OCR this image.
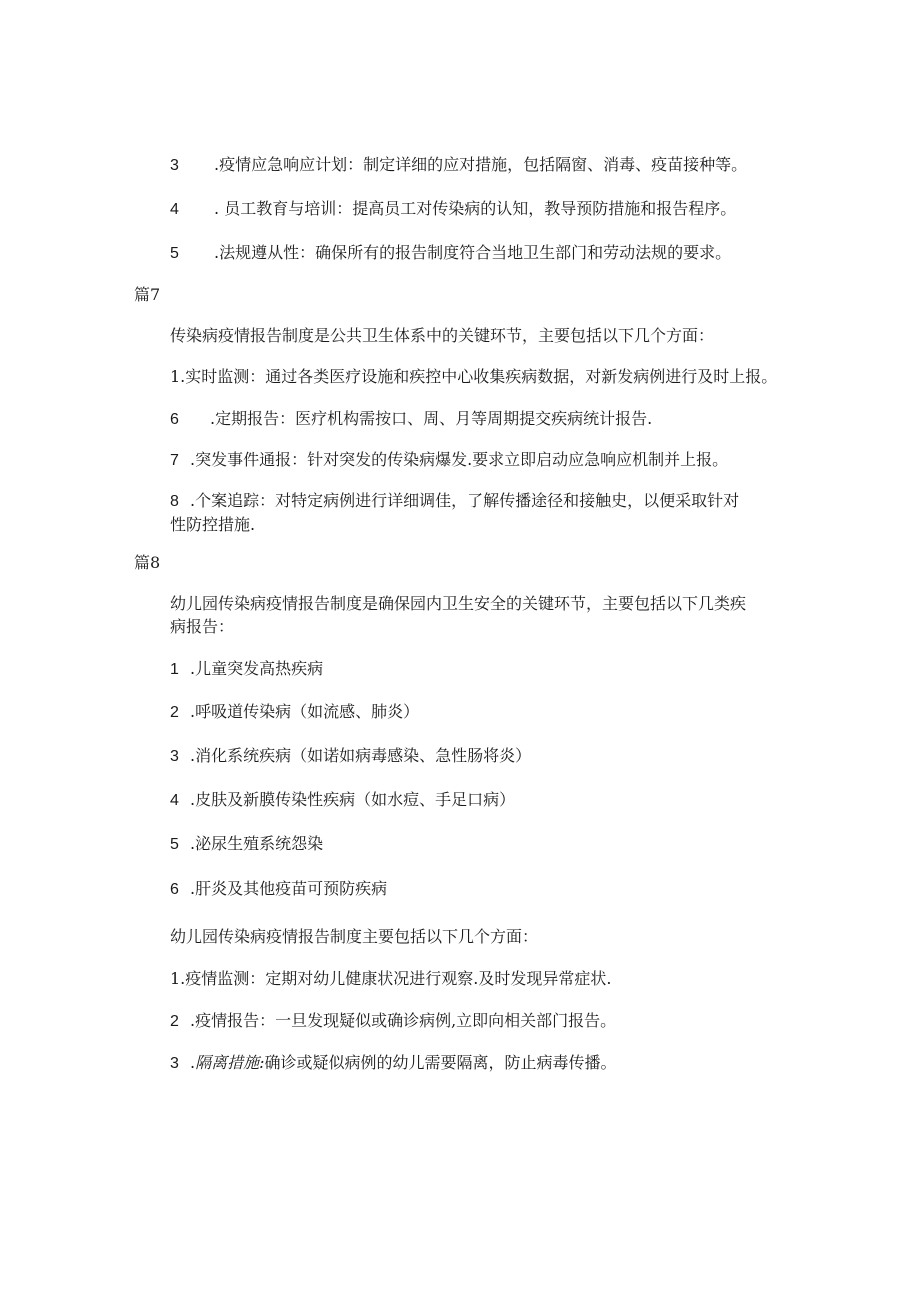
3 .疫情应急响应计划：制定详细的应对措施，包括隔窗、消毒、疫苗接种等。
4 . 员工教育与培训：提高员工对传染病的认知，教导预防措施和报告程序。
5 .法规遵从性：确保所有的报告制度符合当地卫生部门和劳动法规的要求。
篇7
传染病疫情报告制度是公共卫生体系中的关键环节，主要包括以下几个方面：
1.实时监测：通过各类医疗设施和疾控中心收集疾病数据，对新发病例进行及时上报。
6 .定期报告：医疗机构需按口、周、月等周期提交疾病统计报告.
7 .突发事件通报：针对突发的传染病爆发.要求立即启动应急响应机制并上报。
8 .个案追踪：对特定病例进行详细调佳，了解传播途径和接触史，以便采取针对
性防控措施.
篇8
幼儿园传染病疫情报告制度是确保园内卫生安全的关键环节，主要包括以下几类疾
病报告：
1 .儿童突发高热疾病
2 .呼吸道传染病（如流感、肺炎）
3 .消化系统疾病（如诺如病毒感染、急性肠将炎）
4 .皮肤及新膜传染性疾病（如水痘、手足口病）
5 .泌尿生殖系统怨染
6 .肝炎及其他疫苗可预防疾病
幼儿园传染病疫情报告制度主要包括以下几个方面：
1.疫情监测：定期对幼儿健康状况进行观察.及时发现异常症状.
2 .疫情报告：一旦发现疑似或确诊病例,立即向相关部门报告。
3 .隔离措施:确诊或疑似病例的幼儿需要隔离，防止病毒传播。
